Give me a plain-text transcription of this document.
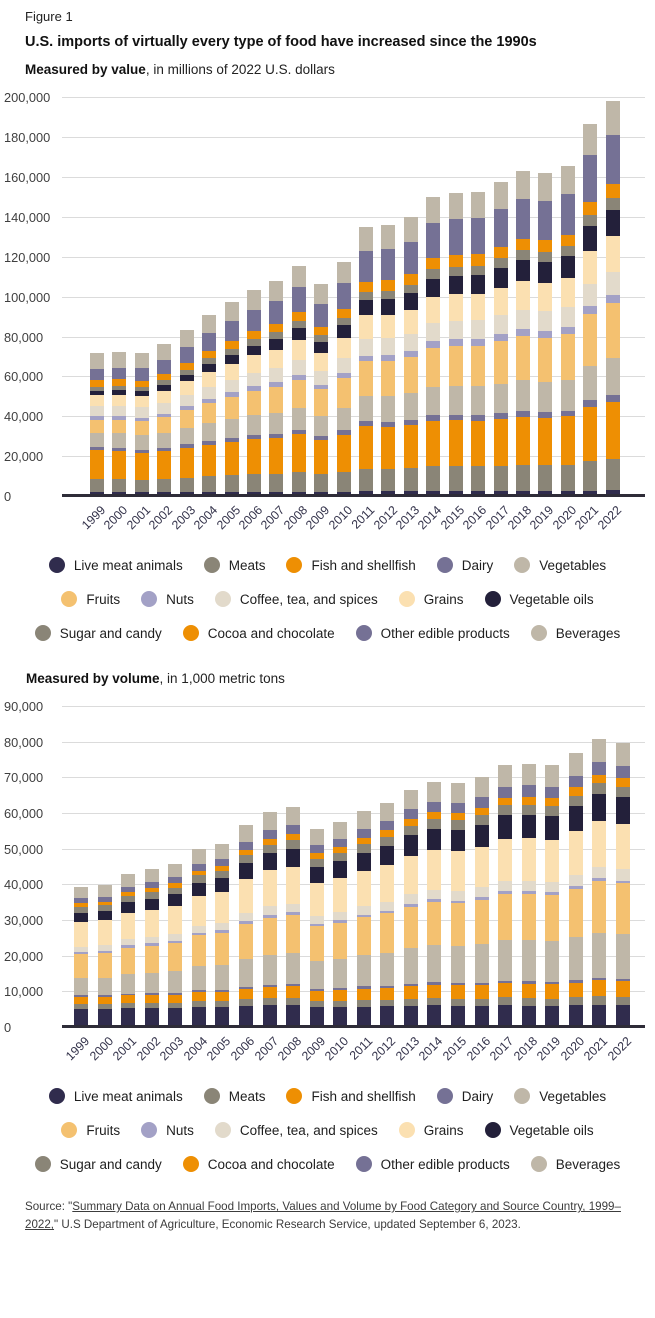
Figure 1

U.S. imports of virtually every type of food have increased since the 1990s

Measured by value, in millions of 2022 U.S. dollars

0
20,000
40,000
60,000
80,000
100,000
120,000
140,000
160,000
180,000
200,000
1999
2000
2001
2002
2003
2004
2005
2006
2007
2008
2009
2010
2011
2012
2013
2014
2015
2016
2017
2018
2019
2020
2021
2022
Live meat animals	Meats	Fish and shellfish	Dairy	Vegetables
Fruits	Nuts	Coffee, tea, and spices	Grains	Vegetable oils
Sugar and candy	Cocoa and chocolate	Other edible products	Beverages

Measured by volume, in 1,000 metric tons

0
10,000
20,000
30,000
40,000
50,000
60,000
70,000
80,000
90,000
1999
2000
2001
2002
2003
2004
2005
2006
2007
2008
2009
2010
2011
2012
2013
2014
2015
2016
2017
2018
2019
2020
2021
2022
Live meat animals	Meats	Fish and shellfish	Dairy	Vegetables
Fruits	Nuts	Coffee, tea, and spices	Grains	Vegetable oils
Sugar and candy	Cocoa and chocolate	Other edible products	Beverages

Source: "Summary Data on Annual Food Imports, Values and Volume by Food Category and Source Country, 1999–2022," U.S Department of Agriculture, Economic Research Service, updated September 6, 2023.
